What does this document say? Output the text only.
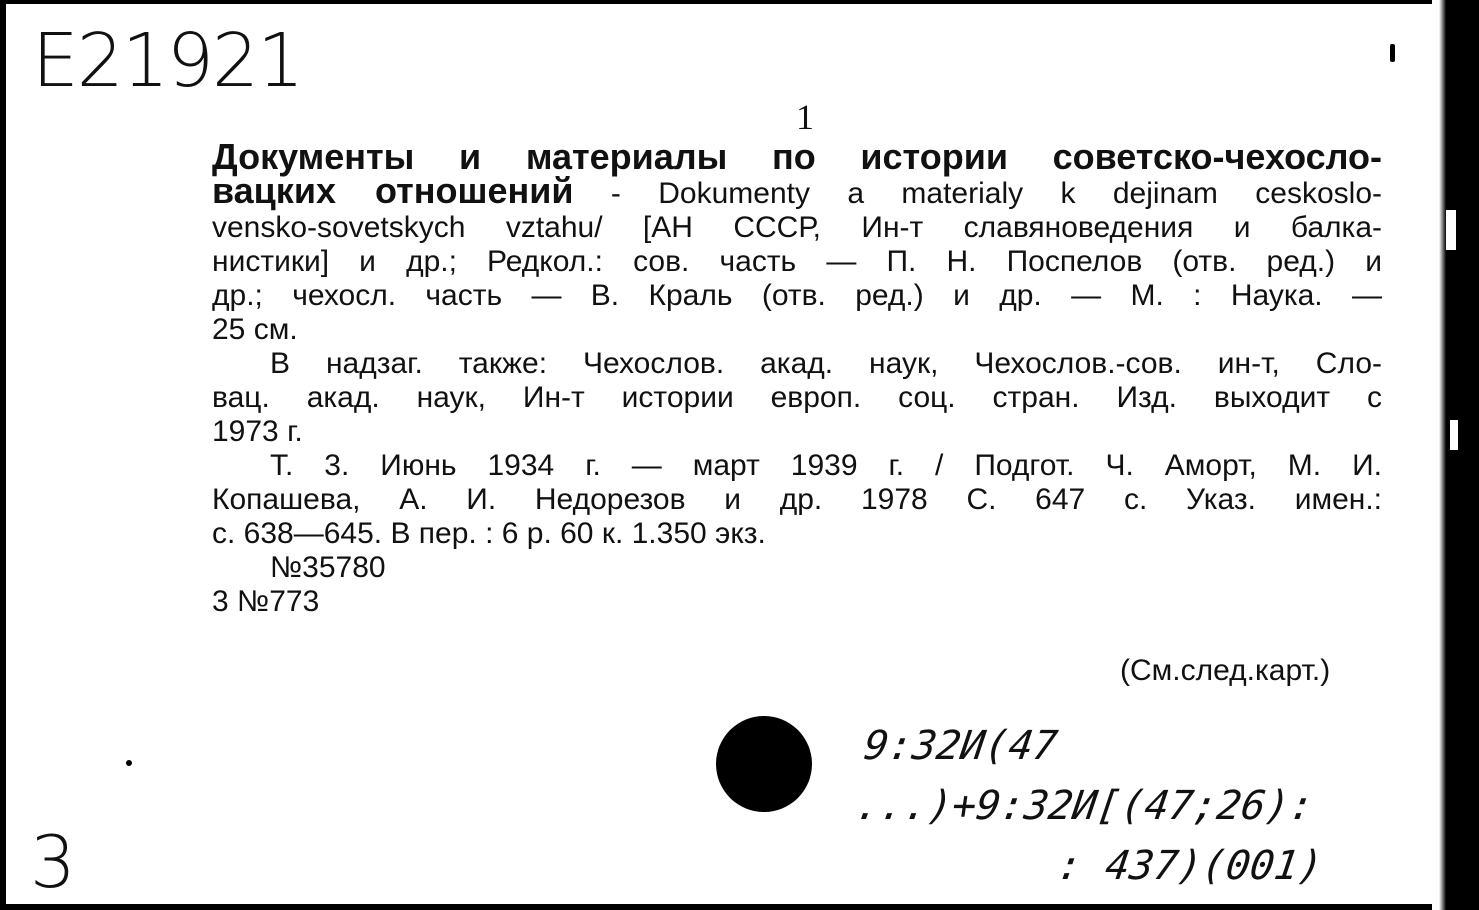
E21921
1
Документы и материалы по истории советско-чехосло-
вацких отношений - Dokumenty a materialy k dejinam ceskoslo-
vensko-sovetskych vztahu/ [АН СССР, Ин-т славяноведения и балка-
нистики] и др.; Редкол.: сов. часть — П. Н. Поспелов (отв. ред.) и
др.; чехосл. часть — В. Краль (отв. ред.) и др. — М. : Наука. —
25 см.
В надзаг. также: Чехослов. акад. наук, Чехослов.-сов. ин-т, Сло-
вац. акад. наук, Ин-т истории европ. соц. стран. Изд. выходит с
1973 г.
Т. 3. Июнь 1934 г. — март 1939 г. / Подгот. Ч. Аморт, М. И.
Копашева, А. И. Недорезов и др. 1978 С. 647 с. Указ. имен.:
с. 638—645. В пер. : 6 р. 60 к. 1.350 экз.
№35780
3 №773
(См.след.карт.)
9:32И(47 ...)+9:32И[(47;26):
: 437)(001)
3
